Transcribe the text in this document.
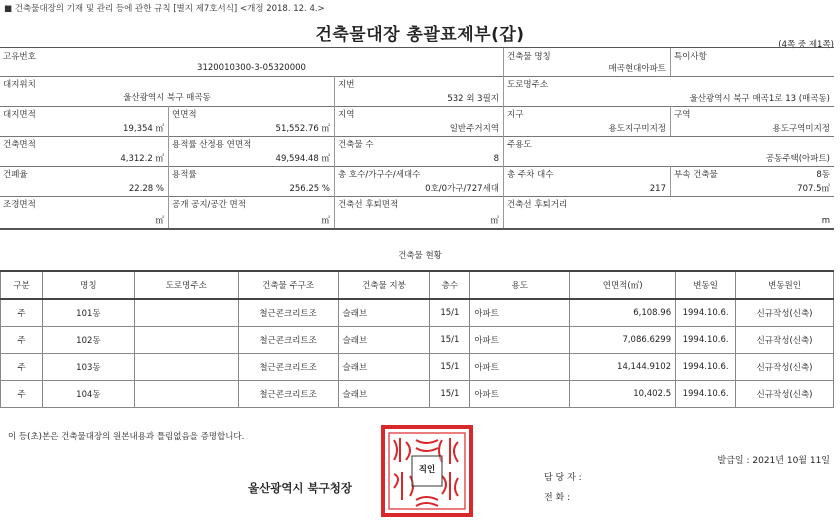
■ 건축물대장의 기재 및 관리 등에 관한 규칙 [별지 제7호서식] <개정 2018. 12. 4.>
건축물대장 총괄표제부(갑)	(4쪽 중 제1쪽)
고유번호
3120010300-3-05320000
건축물 명칭
매곡현대아파트
특이사항
대지위치
울산광역시 북구 매곡동
지번
532 외 3필지
도로명주소
울산광역시 북구 매곡1로 13 (매곡동)
대지면적
19,354 ㎡
연면적
51,552.76 ㎡
지역
일반주거지역
지구
용도지구미지정
구역
용도구역미지정
건축면적
4,312.2 ㎡
용적률 산정용 연면적
49,594.48 ㎡
건축물 수
8
주용도
공동주택(아파트)
건폐율
22.28 %
용적률
256.25 %
총 호수/가구수/세대수
0호/0가구/727세대
총 주차 대수
217
부속 건축물	8동
707.5㎡
조경면적
㎡
공개 공지/공간 면적
㎡
건축선 후퇴면적
㎡
건축선 후퇴거리
m
건축물 현황
구분	명칭	도로명주소	건축물 주구조	건축물 지붕	층수	용도	연면적(㎡)	변동일	변동원인
주	101동		철근콘크리트조	슬래브	15/1	아파트	6,108.96	1994.10.6.	신규작성(신축)
주	102동		철근콘크리트조	슬래브	15/1	아파트	7,086.6299	1994.10.6.	신규작성(신축)
주	103동		철근콘크리트조	슬래브	15/1	아파트	14,144.9102	1994.10.6.	신규작성(신축)
주	104동		철근콘크리트조	슬래브	15/1	아파트	10,402.5	1994.10.6.	신규작성(신축)
이 등(초)본은 건축물대장의 원본내용과 틀림없음을 증명합니다.
발급일 : 2021년 10월 11일
직인
울산광역시 북구청장
담 당 자 :
전 화 :
